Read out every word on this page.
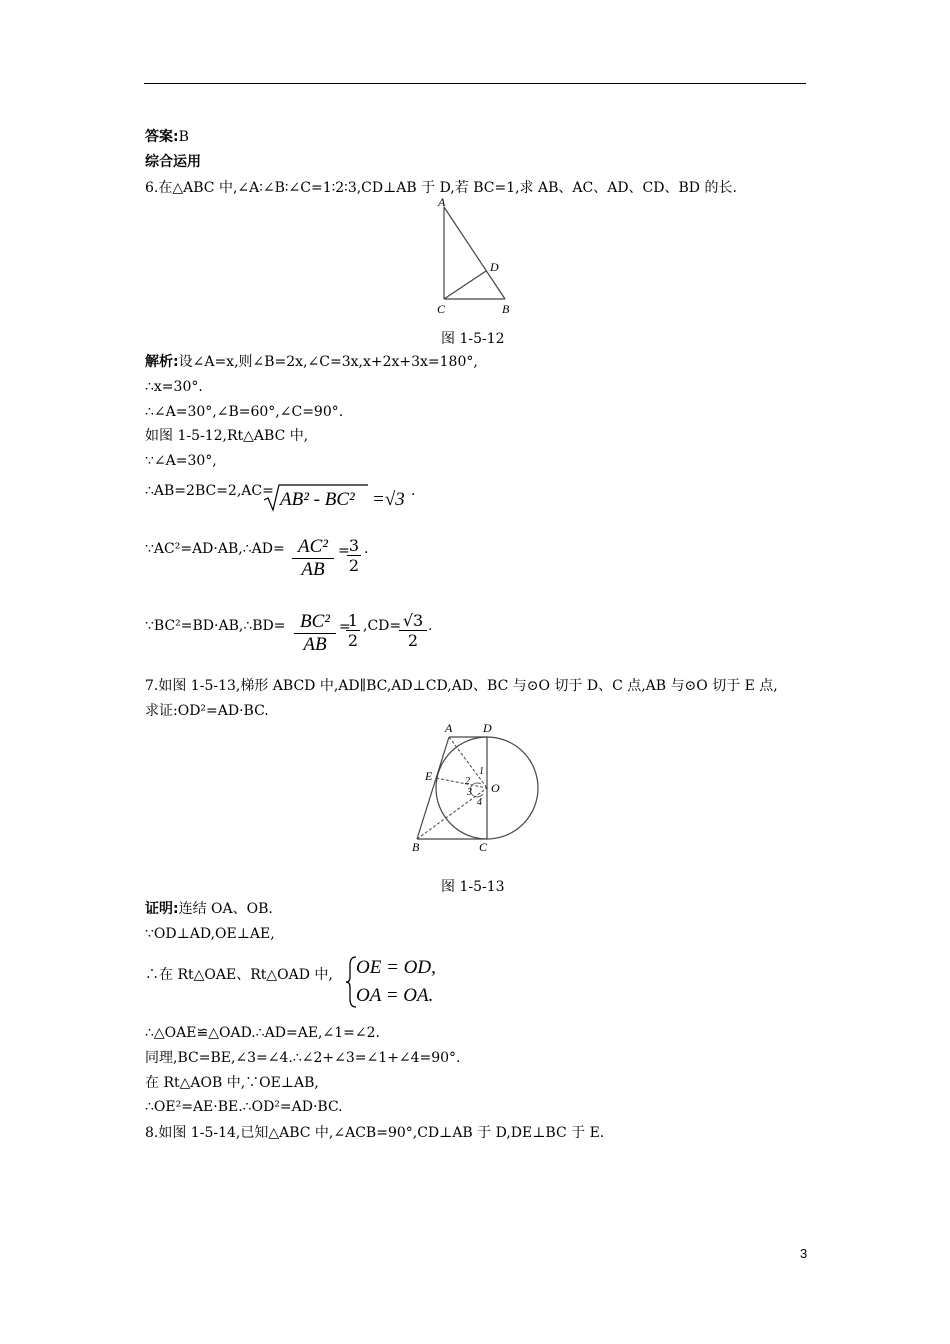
答案:B
综合运用
6.在△ABC 中,∠A∶∠B∶∠C=1∶2∶3,CD⊥AB 于 D,若 BC=1,求 AB、AC、AD、CD、BD 的长.
A
D
C	B
图 1-5-12
解析:设∠A=x,则∠B=2x,∠C=3x,x+2x+3x=180°,
∴x=30°.
∴∠A=30°,∠B=60°,∠C=90°.
如图 1-5-12,Rt△ABC 中,
∵∠A=30°,
∴AB=2BC=2,AC= AB² - BC² =√3 .
∵AC²=AD·AB,∴AD= $\frac{\text{AC²}}{AB}$ =
$\frac{3}{2}$ .
∵BC²=BD·AB,∴BD= $\frac{\text{BC²}}{AB}$ =
$\frac{1}{2} ,CD=$
$\frac{√3}{2}$ .
7.如图 1-5-13,梯形 ABCD 中,AD∥BC,AD⊥CD,AD、BC 与⊙O 切于 D、C 点,AB 与⊙O 切于 E 点,
求证:OD²=AD·BC.
A	D
E
O
B	C
1
2
3
4
图 1-5-13
证明:连结 OA、OB.
∵OD⊥AD,OE⊥AE,
∴在 Rt△OAE、Rt△OAD 中, OE = OD,
OA = OA.
∴△OAE≌△OAD.∴AD=AE,∠1=∠2.
同理,BC=BE,∠3=∠4.∴∠2+∠3=∠1+∠4=90°.
在 Rt△AOB 中,∵OE⊥AB,
∴OE²=AE·BE.∴OD²=AD·BC.
8.如图 1-5-14,已知△ABC 中,∠ACB=90°,CD⊥AB 于 D,DE⊥BC 于 E.
3
